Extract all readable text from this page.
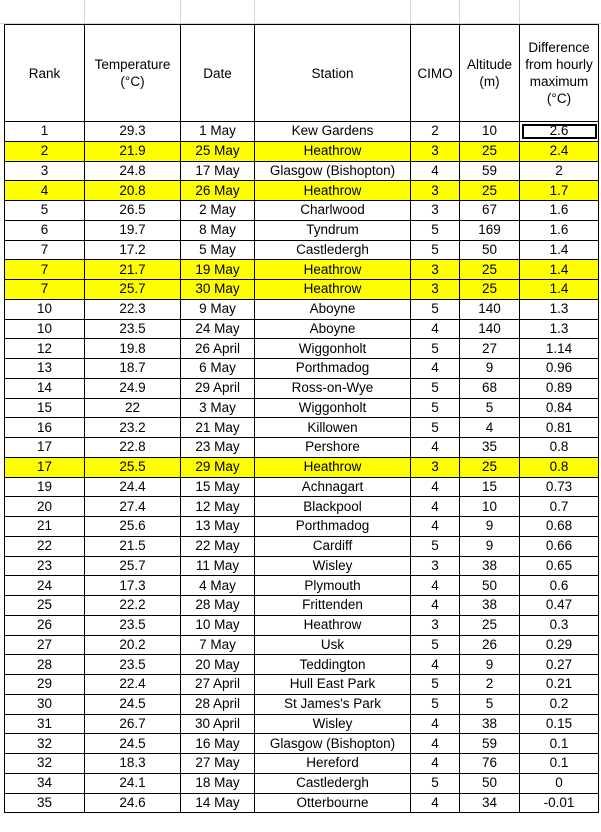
Rank	Temperature (°C)	Date	Station	CIMO	Altitude (m)	Difference from hourly maximum (°C)
1	29.3	1 May	Kew Gardens	2	10	2.6
2	21.9	25 May	Heathrow	3	25	2.4
3	24.8	17 May	Glasgow (Bishopton)	4	59	2
4	20.8	26 May	Heathrow	3	25	1.7
5	26.5	2 May	Charlwood	3	67	1.6
6	19.7	8 May	Tyndrum	5	169	1.6
7	17.2	5 May	Castledergh	5	50	1.4
7	21.7	19 May	Heathrow	3	25	1.4
7	25.7	30 May	Heathrow	3	25	1.4
10	22.3	9 May	Aboyne	5	140	1.3
10	23.5	24 May	Aboyne	4	140	1.3
12	19.8	26 April	Wiggonholt	5	27	1.14
13	18.7	6 May	Porthmadog	4	9	0.96
14	24.9	29 April	Ross-on-Wye	5	68	0.89
15	22	3 May	Wiggonholt	5	5	0.84
16	23.2	21 May	Killowen	5	4	0.81
17	22.8	23 May	Pershore	4	35	0.8
17	25.5	29 May	Heathrow	3	25	0.8
19	24.4	15 May	Achnagart	4	15	0.73
20	27.4	12 May	Blackpool	4	10	0.7
21	25.6	13 May	Porthmadog	4	9	0.68
22	21.5	22 May	Cardiff	5	9	0.66
23	25.7	11 May	Wisley	3	38	0.65
24	17.3	4 May	Plymouth	4	50	0.6
25	22.2	28 May	Frittenden	4	38	0.47
26	23.5	10 May	Heathrow	3	25	0.3
27	20.2	7 May	Usk	5	26	0.29
28	23.5	20 May	Teddington	4	9	0.27
29	22.4	27 April	Hull East Park	5	2	0.21
30	24.5	28 April	St James's Park	5	5	0.2
31	26.7	30 April	Wisley	4	38	0.15
32	24.5	16 May	Glasgow (Bishopton)	4	59	0.1
32	18.3	27 May	Hereford	4	76	0.1
34	24.1	18 May	Castledergh	5	50	0
35	24.6	14 May	Otterbourne	4	34	-0.01
